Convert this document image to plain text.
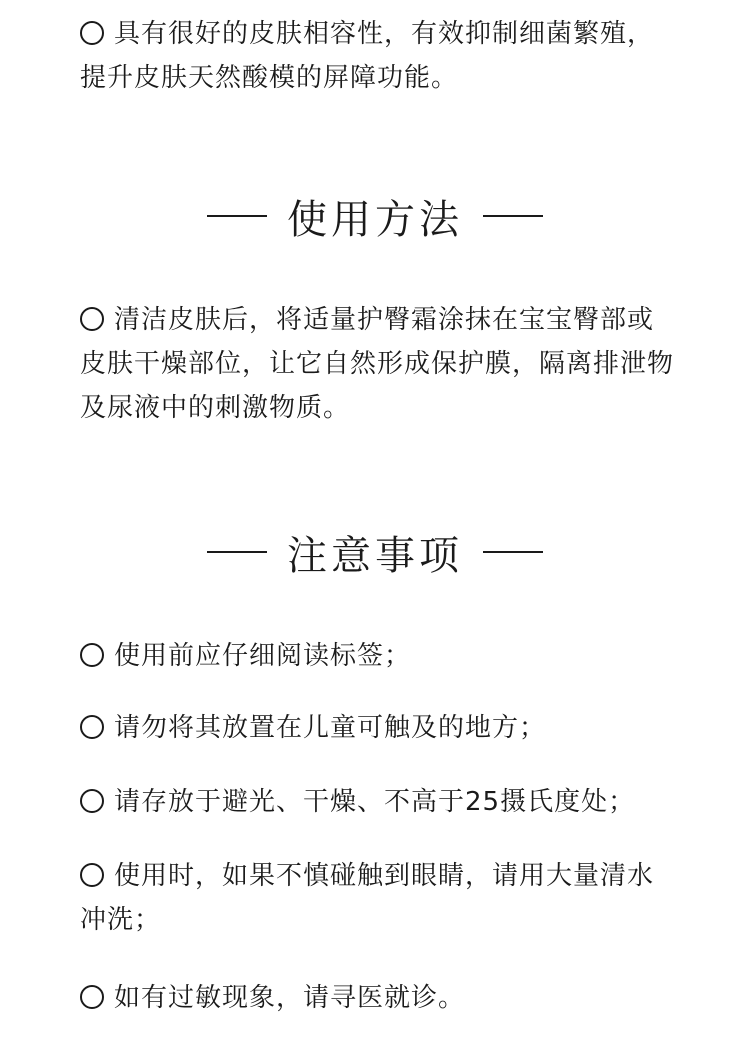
具有很好的皮肤相容性，有效抑制细菌繁殖，提升皮肤天然酸模的屏障功能。
使用方法
清洁皮肤后，将适量护臀霜涂抹在宝宝臀部或皮肤干燥部位，让它自然形成保护膜，隔离排泄物及尿液中的刺激物质。
注意事项
使用前应仔细阅读标签；
请勿将其放置在儿童可触及的地方；
请存放于避光、干燥、不高于25摄氏度处；
使用时，如果不慎碰触到眼睛，请用大量清水冲洗；
如有过敏现象，请寻医就诊。
